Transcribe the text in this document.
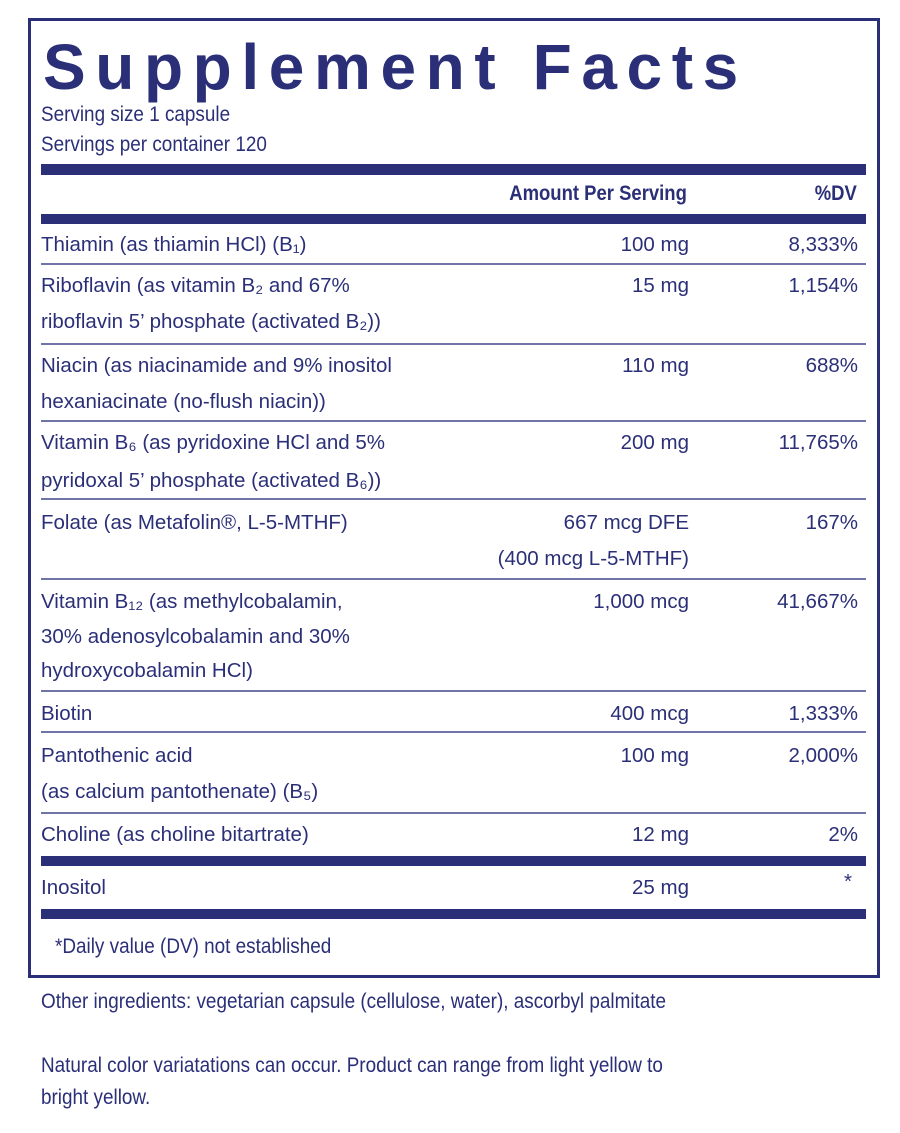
Supplement Facts
Serving size 1 capsule
Servings per container 120
Amount Per Serving	%DV
Thiamin (as thiamin HCl) (B₁)	100 mg	8,333%
Riboflavin (as vitamin B₂ and 67%
riboflavin 5’ phosphate (activated B₂))
15 mg	1,154%
Niacin (as niacinamide and 9% inositol
hexaniacinate (no-flush niacin))
110 mg	688%
Vitamin B₆ (as pyridoxine HCl and 5%
pyridoxal 5’ phosphate (activated B₆))
200 mg	11,765%
Folate (as Metafolin®, L-5-MTHF)	667 mcg DFE
(400 mcg L-5-MTHF)
167%
Vitamin B₁₂ (as methylcobalamin,
30% adenosylcobalamin and 30%
hydroxycobalamin HCl)
1,000 mcg	41,667%
Biotin	400 mcg	1,333%
Pantothenic acid
(as calcium pantothenate) (B₅)
100 mg	2,000%
Choline (as choline bitartrate)	12 mg	2%
Inositol	25 mg	*
*Daily value (DV) not established
Other ingredients: vegetarian capsule (cellulose, water), ascorbyl palmitate
Natural color variatations can occur. Product can range from light yellow to
bright yellow.
